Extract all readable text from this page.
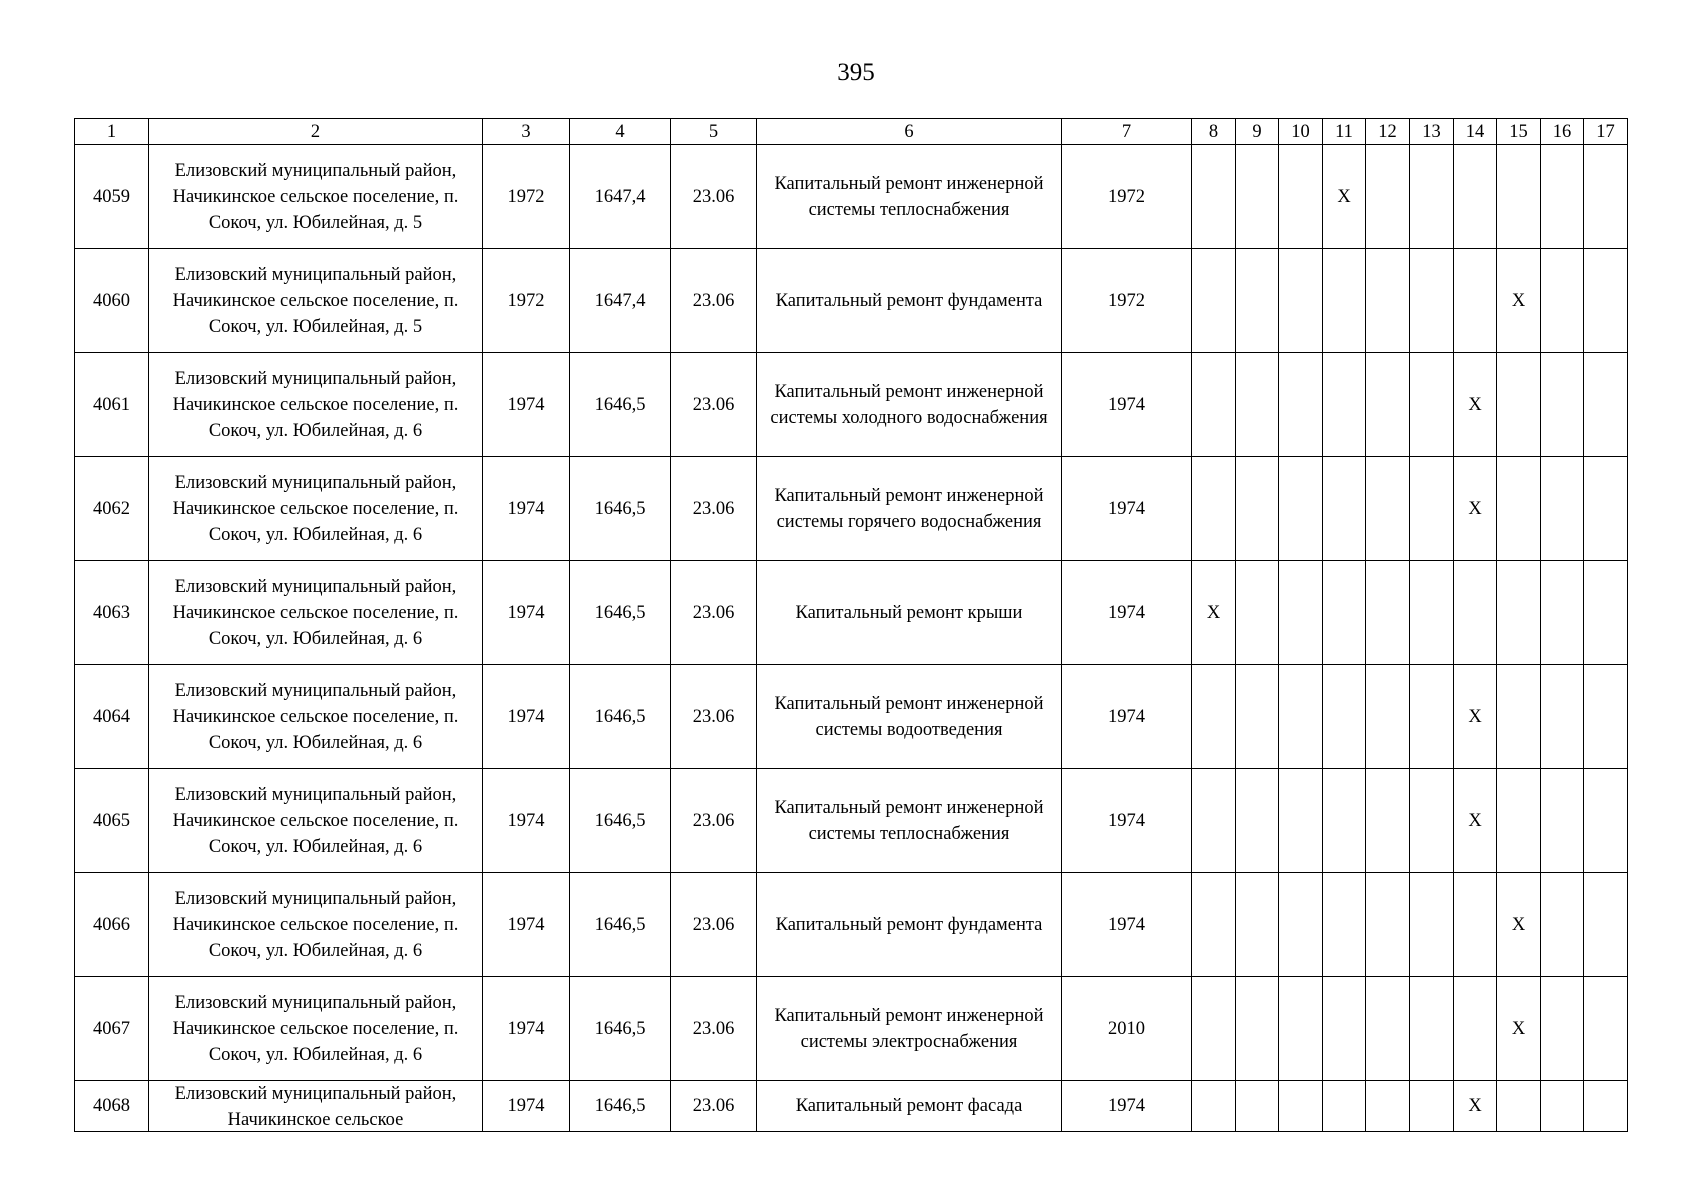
395
1	2	3	4	5	6	7	8	9	10	11	12	13	14	15	16	17
4059	Елизовский муниципальный район, Начикинское сельское поселение, п. Сокоч, ул. Юбилейная, д. 5	1972	1647,4	23.06	Капитальный ремонт инженерной системы теплоснабжения	1972				X						
4060	Елизовский муниципальный район, Начикинское сельское поселение, п. Сокоч, ул. Юбилейная, д. 5	1972	1647,4	23.06	Капитальный ремонт фундамента	1972								X		
4061	Елизовский муниципальный район, Начикинское сельское поселение, п. Сокоч, ул. Юбилейная, д. 6	1974	1646,5	23.06	Капитальный ремонт инженерной системы холодного водоснабжения	1974							X			
4062	Елизовский муниципальный район, Начикинское сельское поселение, п. Сокоч, ул. Юбилейная, д. 6	1974	1646,5	23.06	Капитальный ремонт инженерной системы горячего водоснабжения	1974							X			
4063	Елизовский муниципальный район, Начикинское сельское поселение, п. Сокоч, ул. Юбилейная, д. 6	1974	1646,5	23.06	Капитальный ремонт крыши	1974	X									
4064	Елизовский муниципальный район, Начикинское сельское поселение, п. Сокоч, ул. Юбилейная, д. 6	1974	1646,5	23.06	Капитальный ремонт инженерной системы водоотведения	1974							X			
4065	Елизовский муниципальный район, Начикинское сельское поселение, п. Сокоч, ул. Юбилейная, д. 6	1974	1646,5	23.06	Капитальный ремонт инженерной системы теплоснабжения	1974							X			
4066	Елизовский муниципальный район, Начикинское сельское поселение, п. Сокоч, ул. Юбилейная, д. 6	1974	1646,5	23.06	Капитальный ремонт фундамента	1974								X		
4067	Елизовский муниципальный район, Начикинское сельское поселение, п. Сокоч, ул. Юбилейная, д. 6	1974	1646,5	23.06	Капитальный ремонт инженерной системы электроснабжения	2010								X		
4068	Елизовский муниципальный район, Начикинское сельское	1974	1646,5	23.06	Капитальный ремонт фасада	1974							X			
